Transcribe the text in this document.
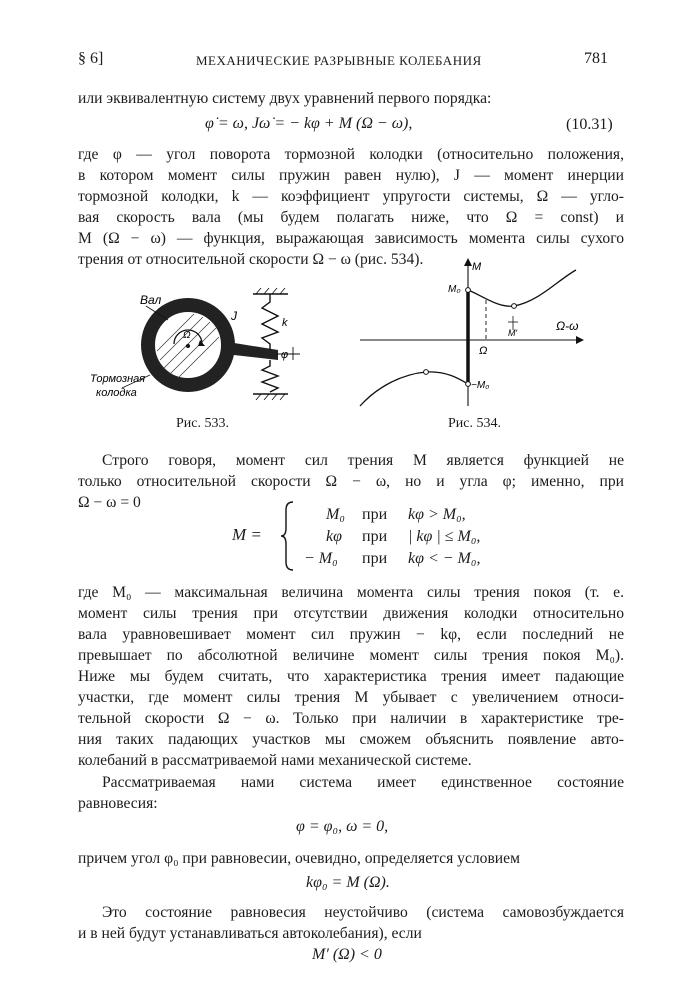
§ 6]	МЕХАНИЧЕСКИЕ РАЗРЫВНЫЕ КОЛЕБАНИЯ	781
или эквивалентную систему двух уравнений первого порядка:
φ̇ = ω, Jω̇ = − kφ + M (Ω − ω),	(10.31)
где φ — угол поворота тормозной колодки (относительно положения,
в котором момент силы пружин равен нулю), J — момент инерции
тормозной колодки, k — коэффициент упругости системы, Ω — угло-
вая скорость вала (мы будем полагать ниже, что Ω = const) и
M (Ω − ω) — функция, выражающая зависимость момента силы сухого
трения от относительной скорости Ω − ω (рис. 534).
Вал
J	k
Ω
φ
Тормозная
колодка
Рис. 533.
M
Ω-ω
M₀
Ω
−M₀
M′
Рис. 534.
Строго говоря, момент сил трения M является функцией не
только относительной скорости Ω − ω, но и угла φ; именно, при
Ω − ω = 0
M =
M₀ при kφ > M₀,
kφ при | kφ | ≤ M₀,
− M₀ при kφ < − M₀,
где M₀ — максимальная величина момента силы трения покоя (т. е.
момент силы трения при отсутствии движения колодки относительно
вала уравновешивает момент сил пружин − kφ, если последний не
превышает по абсолютной величине момент силы трения покоя M₀).
Ниже мы будем считать, что характеристика трения имеет падающие
участки, где момент силы трения M убывает с увеличением относи-
тельной скорости Ω − ω. Только при наличии в характеристике тре-
ния таких падающих участков мы сможем объяснить появление авто-
колебаний в рассматриваемой нами механической системе.
Рассматриваемая нами система имеет единственное состояние
равновесия:
φ = φ₀, ω = 0,
причем угол φ₀ при равновесии, очевидно, определяется условием
kφ₀ = M (Ω).
Это состояние равновесия неустойчиво (система самовозбуждается
и в ней будут устанавливаться автоколебания), если
M′ (Ω) < 0
